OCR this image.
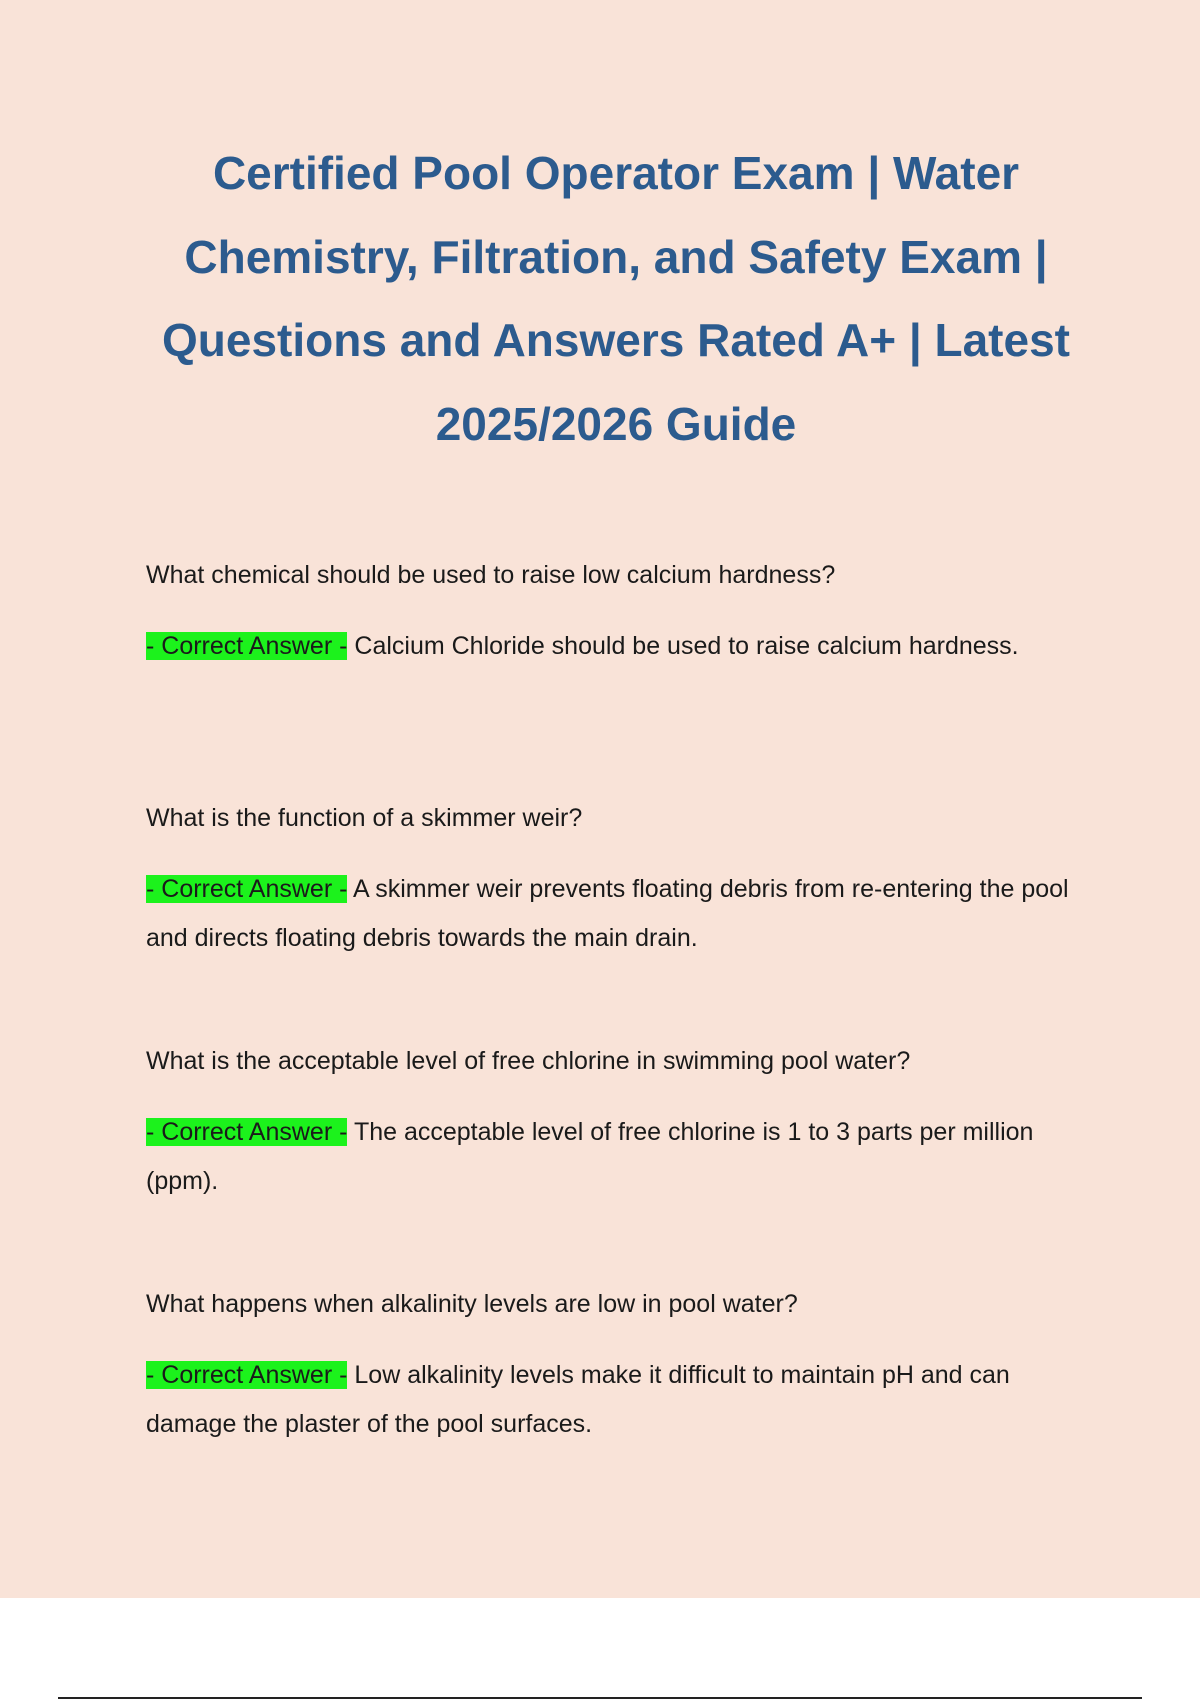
Certified Pool Operator Exam | Water Chemistry, Filtration, and Safety Exam | Questions and Answers Rated A+ | Latest 2025/2026 Guide

What chemical should be used to raise low calcium hardness?

- Correct Answer - Calcium Chloride should be used to raise calcium hardness.

What is the function of a skimmer weir?

- Correct Answer - A skimmer weir prevents floating debris from re-entering the pool and directs floating debris towards the main drain.

What is the acceptable level of free chlorine in swimming pool water?

- Correct Answer - The acceptable level of free chlorine is 1 to 3 parts per million (ppm).

What happens when alkalinity levels are low in pool water?

- Correct Answer - Low alkalinity levels make it difficult to maintain pH and can damage the plaster of the pool surfaces.
